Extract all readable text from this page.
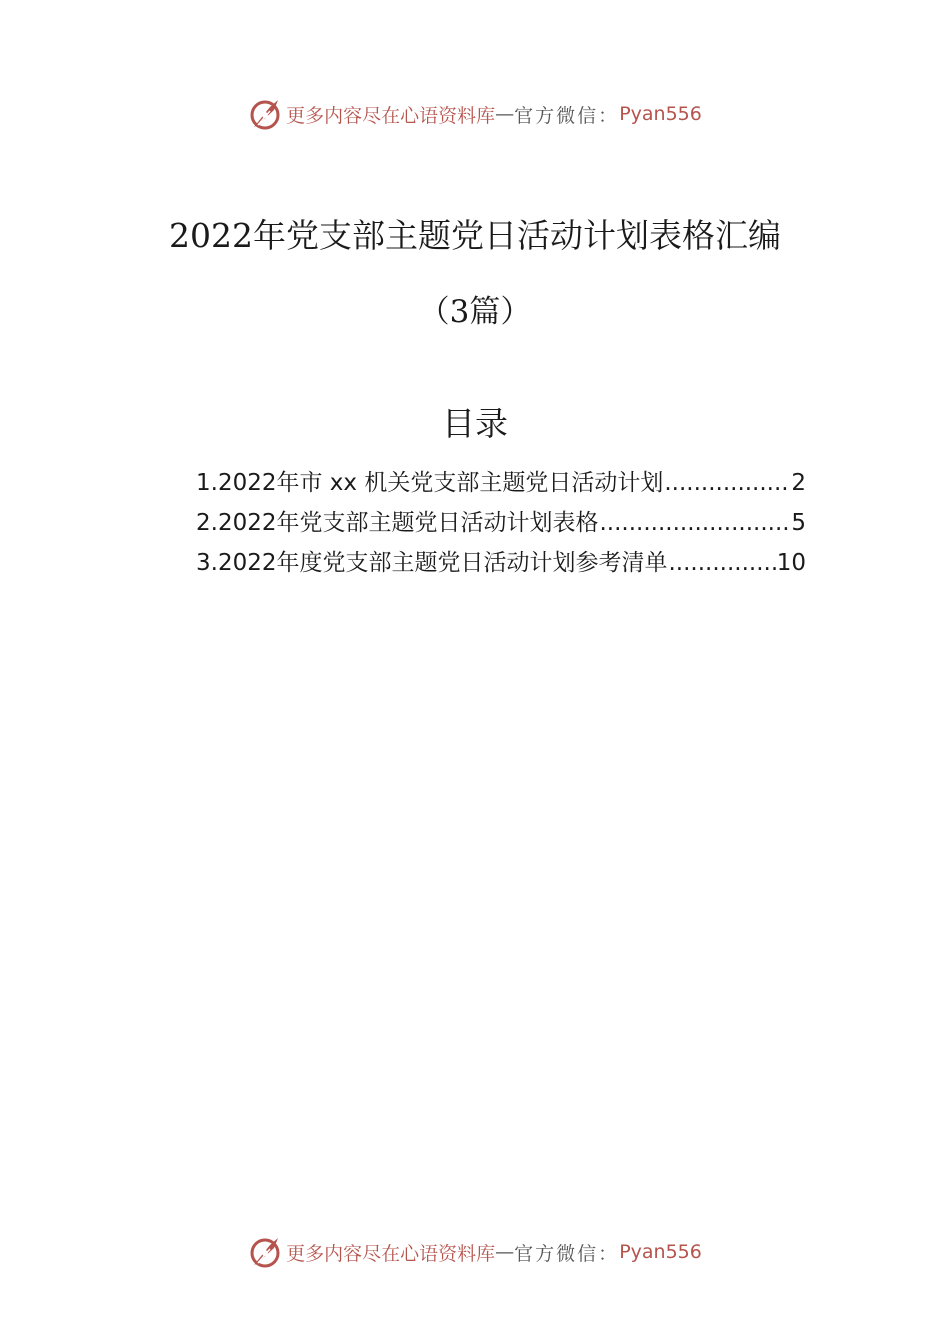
更多内容尽在心语资料库 — 官方微信： Pyan556
2022年党支部主题党日活动计划表格汇编
（3篇）
目录
1.2022年市 xx 机关党支部主题党日活动计划 .....	2
2.2022年党支部主题党日活动计划表格 .....	5
3.2022年度党支部主题党日活动计划参考清单 .....	10
更多内容尽在心语资料库 — 官方微信： Pyan556
